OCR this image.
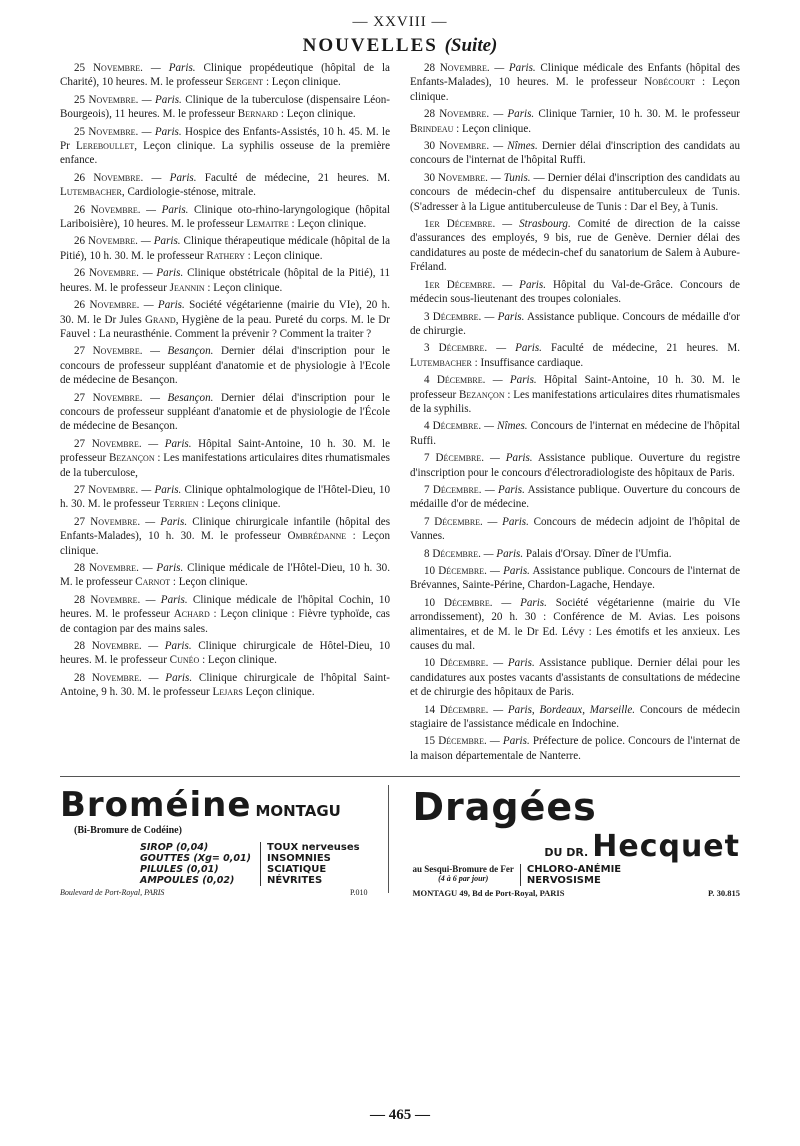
— XXVIII —
NOUVELLES (Suite)
25 Novembre. — Paris. Clinique propédeutique (hôpital de la Charité), 10 heures. M. le professeur Sergent : Leçon clinique.
25 Novembre. — Paris. Clinique de la tuberculose (dispensaire Léon-Bourgeois), 11 heures. M. le professeur Bernard : Leçon clinique.
25 Novembre. — Paris. Hospice des Enfants-Assistés, 10 h. 45. M. le Pr Lereboullet, Leçon clinique. La syphilis osseuse de la première enfance.
26 Novembre. — Paris. Faculté de médecine, 21 heures. M. Lutembacher, Cardiologie-sténose, mitrale.
26 Novembre. — Paris. Clinique oto-rhino-laryngologique (hôpital Lariboisière), 10 heures. M. le professeur Lemaitre : Leçon clinique.
26 Novembre. — Paris. Clinique thérapeutique médicale (hôpital de la Pitié), 10 h. 30. M. le professeur Rathery : Leçon clinique.
26 Novembre. — Paris. Clinique obstétricale (hôpital de la Pitié), 11 heures. M. le professeur Jeannin : Leçon clinique.
26 Novembre. — Paris. Société végétarienne (mairie du VIe), 20 h. 30. M. le Dr Jules Grand, Hygiène de la peau. Pureté du corps. M. le Dr Fauvel : La neurasthénie. Comment la prévenir ? Comment la traiter ?
27 Novembre. — Besançon. Dernier délai d'inscription pour le concours de professeur suppléant d'anatomie et de physiologie à l'Ecole de médecine de Besançon.
27 Novembre. — Besançon. Dernier délai d'inscription pour le concours de professeur suppléant d'anatomie et de physiologie de l'École de médecine de Besançon.
27 Novembre. — Paris. Hôpital Saint-Antoine, 10 h. 30. M. le professeur Bezançon : Les manifestations articulaires dites rhumatismales de la tuberculose,
27 Novembre. — Paris. Clinique ophtalmologique de l'Hôtel-Dieu, 10 h. 30. M. le professeur Terrien : Leçons clinique.
27 Novembre. — Paris. Clinique chirurgicale infantile (hôpital des Enfants-Malades), 10 h. 30. M. le professeur Ombrédanne : Leçon clinique.
28 Novembre. — Paris. Clinique médicale de l'Hôtel-Dieu, 10 h. 30. M. le professeur Carnot : Leçon clinique.
28 Novembre. — Paris. Clinique médicale de l'hôpital Cochin, 10 heures. M. le professeur Achard : Leçon clinique : Fièvre typhoïde, cas de contagion par des mains sales.
28 Novembre. — Paris. Clinique chirurgicale de Hôtel-Dieu, 10 heures. M. le professeur Cunéo : Leçon clinique.
28 Novembre. — Paris. Clinique chirurgicale de l'hôpital Saint-Antoine, 9 h. 30. M. le professeur Lejars Leçon clinique.
28 Novembre. — Paris. Clinique médicale des Enfants (hôpital des Enfants-Malades), 10 heures. M. le professeur Nobécourt : Leçon clinique.
28 Novembre. — Paris. Clinique Tarnier, 10 h. 30. M. le professeur Brindeau : Leçon clinique.
30 Novembre. — Nîmes. Dernier délai d'inscription des candidats au concours de l'internat de l'hôpital Ruffi.
30 Novembre. — Tunis. — Dernier délai d'inscription des candidats au concours de médecin-chef du dispensaire antituberculeux de Tunis. (S'adresser à la Ligue antituberculeuse de Tunis : Dar el Bey, à Tunis.
1er Décembre. — Strasbourg. Comité de direction de la caisse d'assurances des employés, 9 bis, rue de Genève. Dernier délai des candidatures au poste de médecin-chef du sanatorium de Salem à Aubure-Fréland.
1er Décembre. — Paris. Hôpital du Val-de-Grâce. Concours de médecin sous-lieutenant des troupes coloniales.
3 Décembre. — Paris. Assistance publique. Concours de médaille d'or de chirurgie.
3 Décembre. — Paris. Faculté de médecine, 21 heures. M. Lutembacher : Insuffisance cardiaque.
4 Décembre. — Paris. Hôpital Saint-Antoine, 10 h. 30. M. le professeur Bezançon : Les manifestations articulaires dites rhumatismales de la syphilis.
4 Décembre. — Nîmes. Concours de l'internat en médecine de l'hôpital Ruffi.
7 Décembre. — Paris. Assistance publique. Ouverture du registre d'inscription pour le concours d'électroradiologiste des hôpitaux de Paris.
7 Décembre. — Paris. Assistance publique. Ouverture du concours de médaille d'or de médecine.
7 Décembre. — Paris. Concours de médecin adjoint de l'hôpital de Vannes.
8 Décembre. — Paris. Palais d'Orsay. Dîner de l'Umfia.
10 Décembre. — Paris. Assistance publique. Concours de l'internat de Brévannes, Sainte-Périne, Chardon-Lagache, Hendaye.
10 Décembre. — Paris. Société végétarienne (mairie du VIe arrondissement), 20 h. 30 : Conférence de M. Avias. Les poisons alimentaires, et de M. le Dr Ed. Lévy : Les émotifs et les anxieux. Les causes du mal.
10 Décembre. — Paris. Assistance publique. Dernier délai pour les candidatures aux postes vacants d'assistants de consultations de médecine et de chirurgie des hôpitaux de Paris.
14 Décembre. — Paris, Bordeaux, Marseille. Concours de médecin stagiaire de l'assistance médicale en Indochine.
15 Décembre. — Paris. Préfecture de police. Concours de l'internat de la maison départementale de Nanterre.
Broméine MONTAGU
(Bi-Bromure de Codéine)
SIROP (0,04)
GOUTTES (Xg= 0,01)
PILULES (0,01)
AMPOULES (0,02)
TOUX nerveuses
INSOMNIES
SCIATIQUE
NÉVRITES
Boulevard de Port-Royal, PARIS	P.010
Dragées
DU DR. Hecquet
au Sesqui-Bromure de Fer
(4 à 6 par jour)
CHLORO-ANÉMIE
NERVOSISME
MONTAGU 49, Bd de Port-Royal, PARIS	P. 30.815
— 465 —
